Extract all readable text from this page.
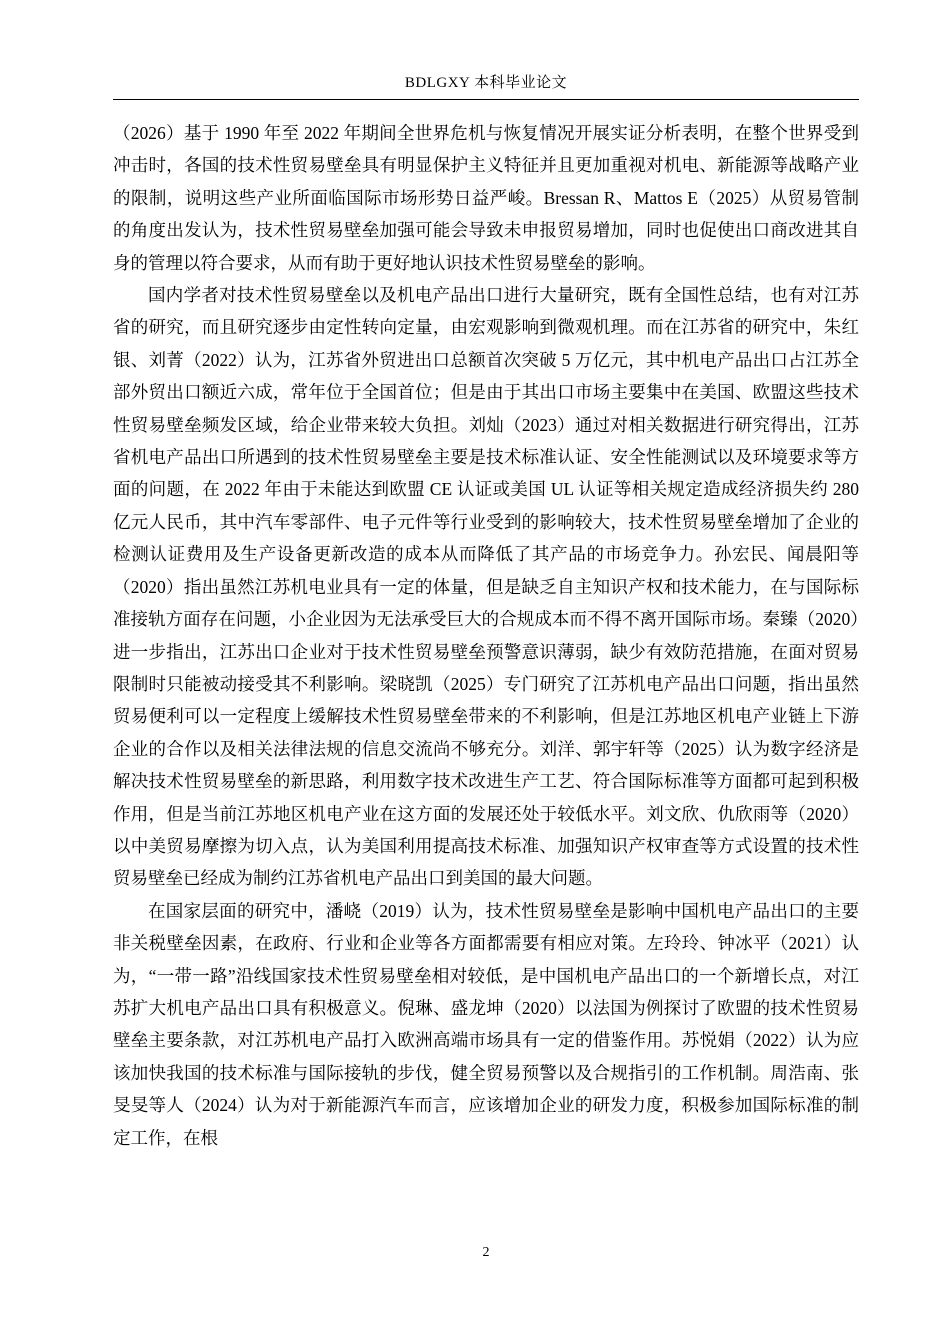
BDLGXY 本科毕业论文

（2026）基于 1990 年至 2022 年期间全世界危机与恢复情况开展实证分析表明，在整个世界受到冲击时，各国的技术性贸易壁垒具有明显保护主义特征并且更加重视对机电、新能源等战略产业的限制，说明这些产业所面临国际市场形势日益严峻。Bressan R、Mattos E（2025）从贸易管制的角度出发认为，技术性贸易壁垒加强可能会导致未申报贸易增加，同时也促使出口商改进其自身的管理以符合要求，从而有助于更好地认识技术性贸易壁垒的影响。

国内学者对技术性贸易壁垒以及机电产品出口进行大量研究，既有全国性总结，也有对江苏省的研究，而且研究逐步由定性转向定量，由宏观影响到微观机理。而在江苏省的研究中，朱红银、刘菁（2022）认为，江苏省外贸进出口总额首次突破 5 万亿元，其中机电产品出口占江苏全部外贸出口额近六成，常年位于全国首位；但是由于其出口市场主要集中在美国、欧盟这些技术性贸易壁垒频发区域，给企业带来较大负担。刘灿（2023）通过对相关数据进行研究得出，江苏省机电产品出口所遇到的技术性贸易壁垒主要是技术标准认证、安全性能测试以及环境要求等方面的问题，在 2022 年由于未能达到欧盟 CE 认证或美国 UL 认证等相关规定造成经济损失约 280 亿元人民币，其中汽车零部件、电子元件等行业受到的影响较大，技术性贸易壁垒增加了企业的检测认证费用及生产设备更新改造的成本从而降低了其产品的市场竞争力。孙宏民、闻晨阳等（2020）指出虽然江苏机电业具有一定的体量，但是缺乏自主知识产权和技术能力，在与国际标准接轨方面存在问题，小企业因为无法承受巨大的合规成本而不得不离开国际市场。秦臻（2020）进一步指出，江苏出口企业对于技术性贸易壁垒预警意识薄弱，缺少有效防范措施，在面对贸易限制时只能被动接受其不利影响。梁晓凯（2025）专门研究了江苏机电产品出口问题，指出虽然贸易便利可以一定程度上缓解技术性贸易壁垒带来的不利影响，但是江苏地区机电产业链上下游企业的合作以及相关法律法规的信息交流尚不够充分。刘洋、郭宇轩等（2025）认为数字经济是解决技术性贸易壁垒的新思路，利用数字技术改进生产工艺、符合国际标准等方面都可起到积极作用，但是当前江苏地区机电产业在这方面的发展还处于较低水平。刘文欣、仇欣雨等（2020）以中美贸易摩擦为切入点，认为美国利用提高技术标准、加强知识产权审查等方式设置的技术性贸易壁垒已经成为制约江苏省机电产品出口到美国的最大问题。

在国家层面的研究中，潘峣（2019）认为，技术性贸易壁垒是影响中国机电产品出口的主要非关税壁垒因素，在政府、行业和企业等各方面都需要有相应对策。左玲玲、钟冰平（2021）认为，“一带一路”沿线国家技术性贸易壁垒相对较低，是中国机电产品出口的一个新增长点，对江苏扩大机电产品出口具有积极意义。倪琳、盛龙坤（2020）以法国为例探讨了欧盟的技术性贸易壁垒主要条款，对江苏机电产品打入欧洲高端市场具有一定的借鉴作用。苏悦娟（2022）认为应该加快我国的技术标准与国际接轨的步伐，健全贸易预警以及合规指引的工作机制。周浩南、张旻旻等人（2024）认为对于新能源汽车而言，应该增加企业的研发力度，积极参加国际标准的制定工作，在根

2
